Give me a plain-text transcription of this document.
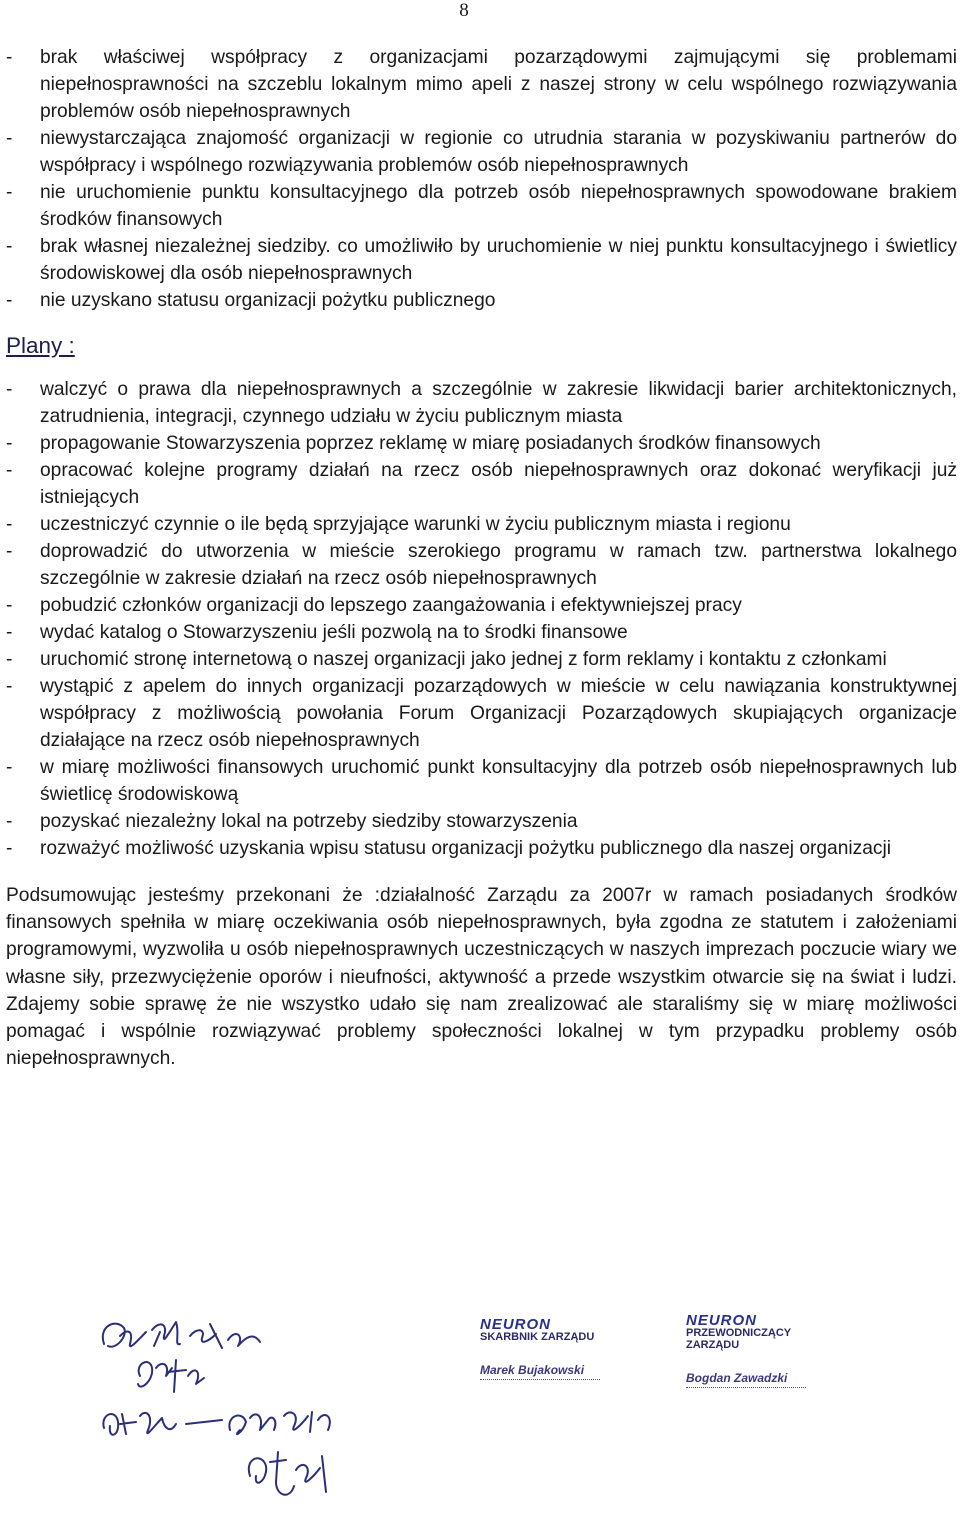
8
- brak właściwej współpracy z organizacjami pozarządowymi zajmującymi się problemami niepełnosprawności na szczeblu lokalnym mimo apeli z naszej strony w celu wspólnego rozwiązywania problemów osób niepełnosprawnych
- niewystarczająca znajomość organizacji w regionie co utrudnia starania w pozyskiwaniu partnerów do współpracy i wspólnego rozwiązywania problemów osób niepełnosprawnych
- nie uruchomienie punktu konsultacyjnego dla potrzeb osób niepełnosprawnych spowodowane brakiem środków finansowych
- brak własnej niezależnej siedziby. co umożliwiło by uruchomienie w niej punktu konsultacyjnego i świetlicy środowiskowej dla osób niepełnosprawnych
- nie uzyskano statusu organizacji pożytku publicznego
Plany :
- walczyć o prawa dla niepełnosprawnych a szczególnie w zakresie likwidacji barier architektonicznych, zatrudnienia, integracji, czynnego udziału w życiu publicznym miasta
- propagowanie Stowarzyszenia poprzez reklamę w miarę posiadanych środków finansowych
- opracować kolejne programy działań na rzecz osób niepełnosprawnych oraz dokonać weryfikacji już istniejących
- uczestniczyć czynnie o ile będą sprzyjające warunki w życiu publicznym miasta i regionu
- doprowadzić do utworzenia w mieście szerokiego programu w ramach tzw. partnerstwa lokalnego szczególnie w zakresie działań na rzecz osób niepełnosprawnych
- pobudzić członków organizacji do lepszego zaangażowania i efektywniejszej pracy
- wydać katalog o Stowarzyszeniu jeśli pozwolą na to środki finansowe
- uruchomić stronę internetową o naszej organizacji jako jednej z form reklamy i kontaktu z członkami
- wystąpić z apelem do innych organizacji pozarządowych w mieście w celu nawiązania konstruktywnej współpracy z możliwością powołania Forum Organizacji Pozarządowych skupiających organizacje działające na rzecz osób niepełnosprawnych
- w miarę możliwości finansowych uruchomić punkt konsultacyjny dla potrzeb osób niepełnosprawnych lub świetlicę środowiskową
- pozyskać niezależny lokal na potrzeby siedziby stowarzyszenia
- rozważyć możliwość uzyskania wpisu statusu organizacji pożytku publicznego dla naszej organizacji

Podsumowując jesteśmy przekonani że :działalność Zarządu za 2007r w ramach posiadanych środków finansowych spełniła w miarę oczekiwania osób niepełnosprawnych, była zgodna ze statutem i założeniami programowymi, wyzwoliła u osób niepełnosprawnych uczestniczących w naszych imprezach poczucie wiary we własne siły, przezwyciężenie oporów i nieufności, aktywność a przede wszystkim otwarcie się na świat i ludzi. Zdajemy sobie sprawę że nie wszystko udało się nam zrealizować ale staraliśmy się w miarę możliwości pomagać i wspólnie rozwiązywać problemy społeczności lokalnej w tym przypadku problemy osób niepełnosprawnych.

NEURON
SKARBNIK ZARZĄDU
Marek Bujakowski
NEURON
PRZEWODNICZĄCY ZARZĄDU
Bogdan Zawadzki
